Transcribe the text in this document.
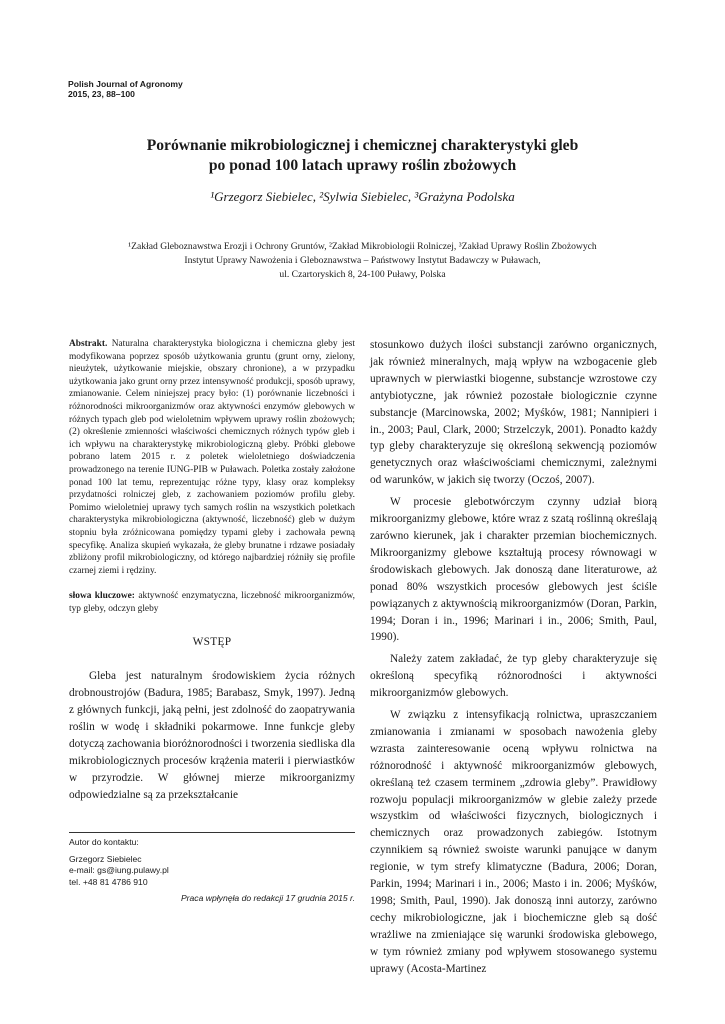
Polish Journal of Agronomy
2015, 23, 88–100
Porównanie mikrobiologicznej i chemicznej charakterystyki gleb
po ponad 100 latach uprawy roślin zbożowych
¹Grzegorz Siebielec, ²Sylwia Siebielec, ³Grażyna Podolska
¹Zakład Gleboznawstwa Erozji i Ochrony Gruntów, ²Zakład Mikrobiologii Rolniczej, ³Zakład Uprawy Roślin Zbożowych
Instytut Uprawy Nawożenia i Gleboznawstwa – Państwowy Instytut Badawczy w Puławach,
ul. Czartoryskich 8, 24-100 Puławy, Polska

Abstrakt. Naturalna charakterystyka biologiczna i chemiczna gleby jest modyfikowana poprzez sposób użytkowania gruntu (grunt orny, zielony, nieużytek, użytkowanie miejskie, obszary chronione), a w przypadku użytkowania jako grunt orny przez intensywność produkcji, sposób uprawy, zmianowanie. Celem niniejszej pracy było: (1) porównanie liczebności i różnorodności mikroorganizmów oraz aktywności enzymów glebowych w różnych typach gleb pod wieloletnim wpływem uprawy roślin zbożowych; (2) określenie zmienności właściwości chemicznych różnych typów gleb i ich wpływu na charakterystykę mikrobiologiczną gleby. Próbki glebowe pobrano latem 2015 r. z poletek wieloletniego doświadczenia prowadzonego na terenie IUNG-PIB w Puławach. Poletka zostały założone ponad 100 lat temu, reprezentując różne typy, klasy oraz kompleksy przydatności rolniczej gleb, z zachowaniem poziomów profilu gleby. Pomimo wieloletniej uprawy tych samych roślin na wszystkich poletkach charakterystyka mikrobiologiczna (aktywność, liczebność) gleb w dużym stopniu była zróżnicowana pomiędzy typami gleby i zachowała pewną specyfikę. Analiza skupień wykazała, że gleby brunatne i rdzawe posiadały zbliżony profil mikrobiologiczny, od którego najbardziej różniły się profile czarnej ziemi i rędziny.

słowa kluczowe: aktywność enzymatyczna, liczebność mikroorganizmów, typ gleby, odczyn gleby

WSTĘP

Gleba jest naturalnym środowiskiem życia różnych drobnoustrojów (Badura, 1985; Barabasz, Smyk, 1997). Jedną z głównych funkcji, jaką pełni, jest zdolność do zaopatrywania roślin w wodę i składniki pokarmowe. Inne funkcje gleby dotyczą zachowania bioróżnorodności i tworzenia siedliska dla mikrobiologicznych procesów krążenia materii i pierwiastków w przyrodzie. W głównej mierze mikroorganizmy odpowiedzialne są za przekształcanie

stosunkowo dużych ilości substancji zarówno organicznych, jak również mineralnych, mają wpływ na wzbogacenie gleb uprawnych w pierwiastki biogenne, substancje wzrostowe czy antybiotyczne, jak również pozostałe biologicznie czynne substancje (Marcinowska, 2002; Myśków, 1981; Nannipieri i in., 2003; Paul, Clark, 2000; Strzelczyk, 2001). Ponadto każdy typ gleby charakteryzuje się określoną sekwencją poziomów genetycznych oraz właściwościami chemicznymi, zależnymi od warunków, w jakich się tworzy (Oczoś, 2007).

W procesie glebotwórczym czynny udział biorą mikroorganizmy glebowe, które wraz z szatą roślinną określają zarówno kierunek, jak i charakter przemian biochemicznych. Mikroorganizmy glebowe kształtują procesy równowagi w środowiskach glebowych. Jak donoszą dane literaturowe, aż ponad 80% wszystkich procesów glebowych jest ściśle powiązanych z aktywnością mikroorganizmów (Doran, Parkin, 1994; Doran i in., 1996; Marinari i in., 2006; Smith, Paul, 1990).

Należy zatem zakładać, że typ gleby charakteryzuje się określoną specyfiką różnorodności i aktywności mikroorganizmów glebowych.

W związku z intensyfikacją rolnictwa, upraszczaniem zmianowania i zmianami w sposobach nawożenia gleby wzrasta zainteresowanie oceną wpływu rolnictwa na różnorodność i aktywność mikroorganizmów glebowych, określaną też czasem terminem „zdrowia gleby”. Prawidłowy rozwoju populacji mikroorganizmów w glebie zależy przede wszystkim od właściwości fizycznych, biologicznych i chemicznych oraz prowadzonych zabiegów. Istotnym czynnikiem są również swoiste warunki panujące w danym regionie, w tym strefy klimatyczne (Badura, 2006; Doran, Parkin, 1994; Marinari i in., 2006; Masto i in. 2006; Myśków, 1998; Smith, Paul, 1990). Jak donoszą inni autorzy, zarówno cechy mikrobiologiczne, jak i biochemiczne gleb są dość wrażliwe na zmieniające się warunki środowiska glebowego, w tym również zmiany pod wpływem stosowanego systemu uprawy (Acosta-Martinez

Autor do kontaktu:
Grzegorz Siebielec
e-mail: gs@iung.pulawy.pl
tel. +48 81 4786 910
Praca wpłynęła do redakcji 17 grudnia 2015 r.
